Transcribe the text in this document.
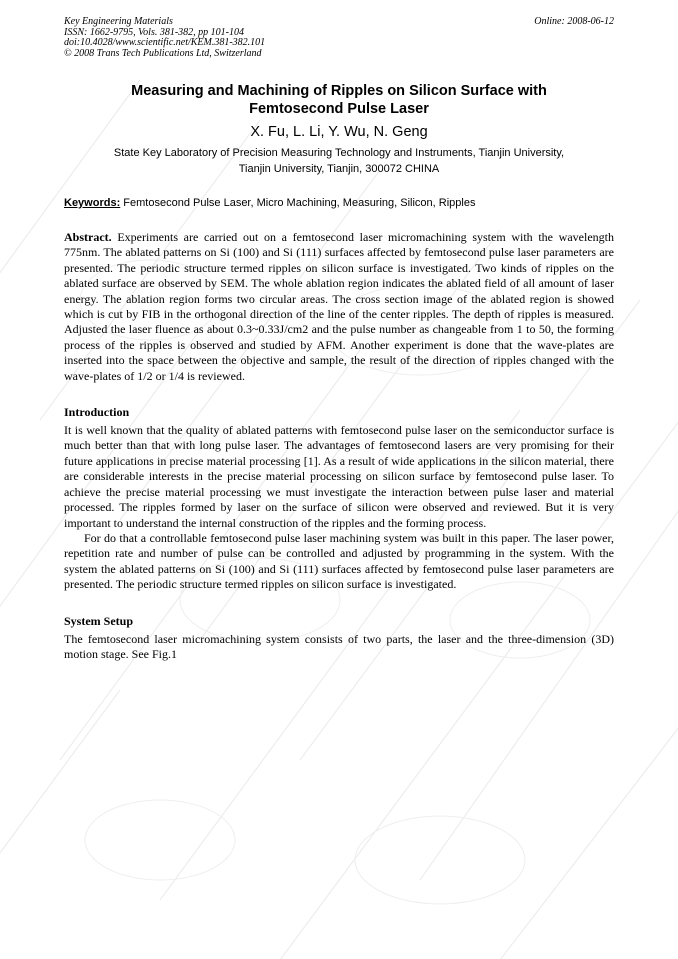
Key Engineering Materials
ISSN: 1662-9795, Vols. 381-382, pp 101-104
doi:10.4028/www.scientific.net/KEM.381-382.101
© 2008 Trans Tech Publications Ltd, Switzerland
Online: 2008-06-12
Measuring and Machining of Ripples on Silicon Surface with
Femtosecond Pulse Laser
X. Fu, L. Li, Y. Wu, N. Geng
State Key Laboratory of Precision Measuring Technology and Instruments, Tianjin University,
Tianjin University, Tianjin, 300072 CHINA
Keywords: Femtosecond Pulse Laser, Micro Machining, Measuring, Silicon, Ripples
Abstract. Experiments are carried out on a femtosecond laser micromachining system with the wavelength 775nm. The ablated patterns on Si (100) and Si (111) surfaces affected by femtosecond pulse laser parameters are presented. The periodic structure termed ripples on silicon surface is investigated. Two kinds of ripples on the ablated surface are observed by SEM. The whole ablation region indicates the ablated field of all amount of laser energy. The ablation region forms two circular areas. The cross section image of the ablated region is showed which is cut by FIB in the orthogonal direction of the line of the center ripples. The depth of ripples is measured. Adjusted the laser fluence as about 0.3~0.33J/cm2 and the pulse number as changeable from 1 to 50, the forming process of the ripples is observed and studied by AFM. Another experiment is done that the wave-plates are inserted into the space between the objective and sample, the result of the direction of ripples changed with the wave-plates of 1/2 or 1/4 is reviewed.
Introduction

It is well known that the quality of ablated patterns with femtosecond pulse laser on the semiconductor surface is much better than that with long pulse laser. The advantages of femtosecond lasers are very promising for their future applications in precise material processing [1]. As a result of wide applications in the silicon material, there are considerable interests in the precise material processing on silicon surface by femtosecond pulse laser. To achieve the precise material processing we must investigate the interaction between pulse laser and material processed. The ripples formed by laser on the surface of silicon were observed and reviewed. But it is very important to understand the internal construction of the ripples and the forming process.

For do that a controllable femtosecond pulse laser machining system was built in this paper. The laser power, repetition rate and number of pulse can be controlled and adjusted by programming in the system. With the system the ablated patterns on Si (100) and Si (111) surfaces affected by femtosecond pulse laser parameters are presented. The periodic structure termed ripples on silicon surface is investigated.

System Setup

The femtosecond laser micromachining system consists of two parts, the laser and the three-dimension (3D) motion stage. See Fig.1
